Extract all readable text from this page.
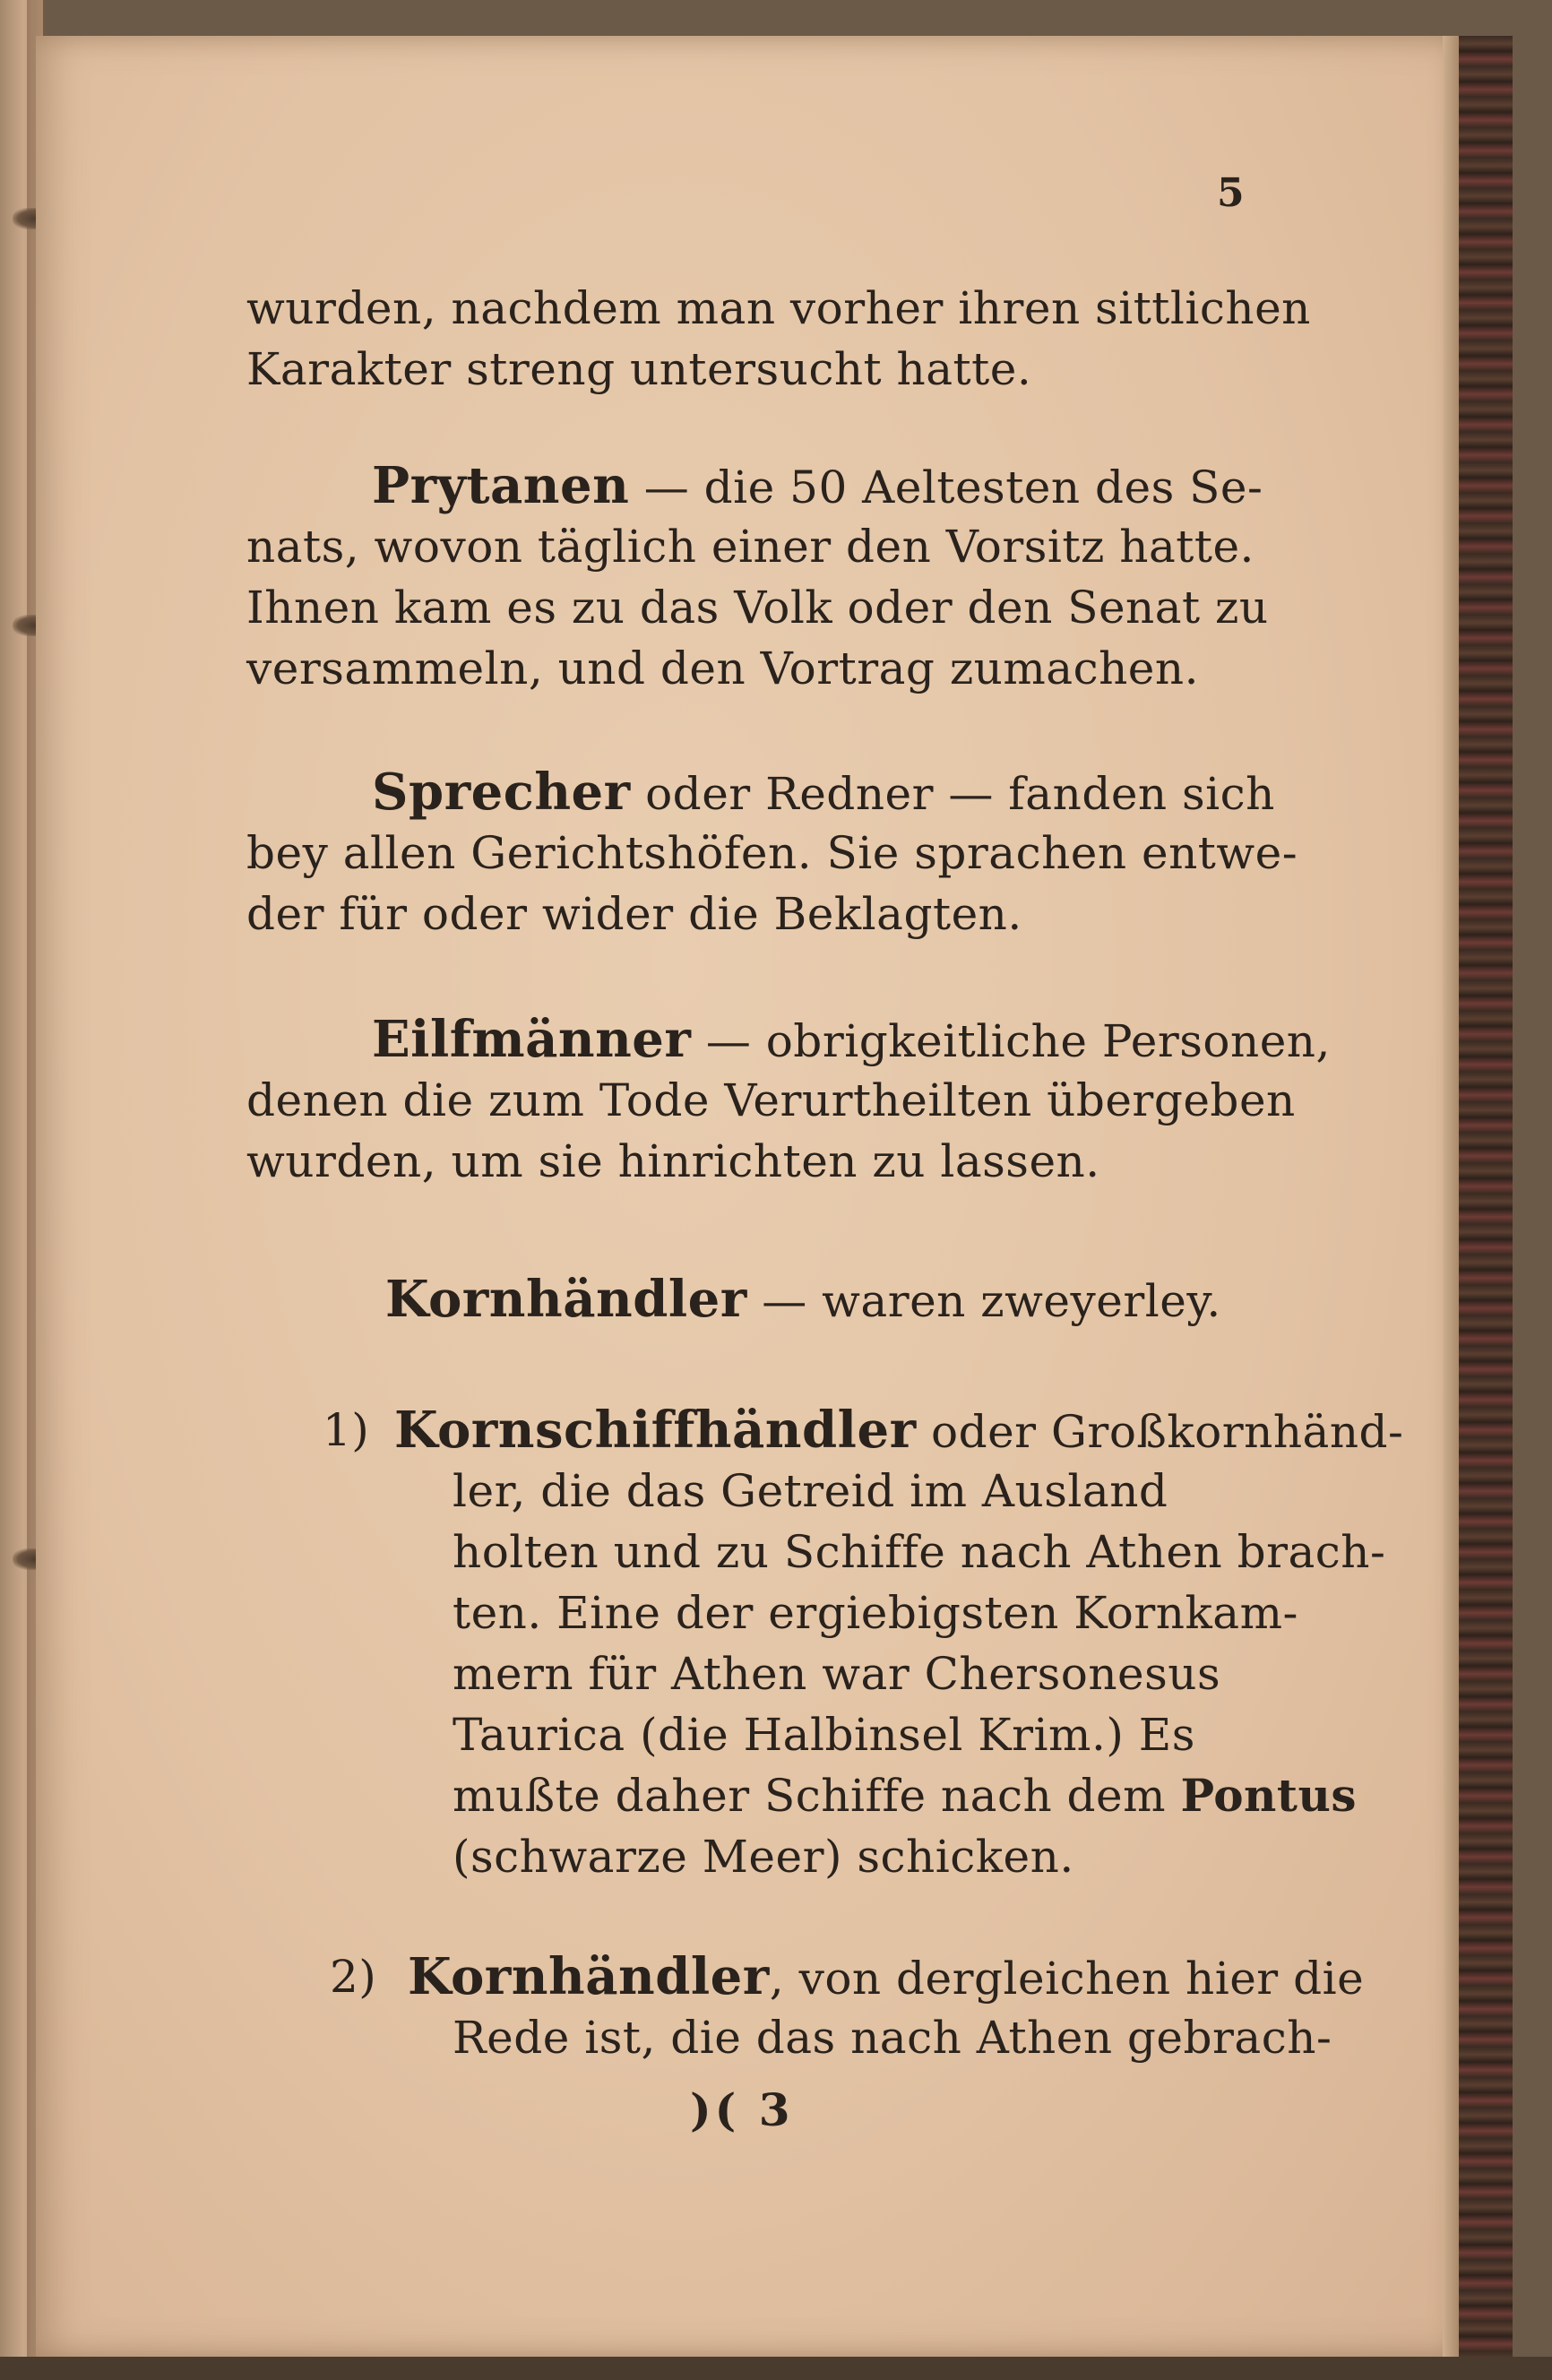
5
wurden, nachdem man vorher ihren sittlichen
Karakter streng untersucht hatte.
Prytanen — die 50 Aeltesten des Se-
nats, wovon täglich einer den Vorsitz hatte.
Ihnen kam es zu das Volk oder den Senat zu
versammeln, und den Vortrag zumachen.
Sprecher oder Redner — fanden sich
bey allen Gerichtshöfen. Sie sprachen entwe-
der für oder wider die Beklagten.
Eilfmänner — obrigkeitliche Personen,
denen die zum Tode Verurtheilten übergeben
wurden, um sie hinrichten zu lassen.
Kornhändler — waren zweyerley.
1) Kornschiffhändler oder Großkornhänd-
ler, die das Getreid im Ausland
holten und zu Schiffe nach Athen brach-
ten. Eine der ergiebigsten Kornkam-
mern für Athen war Chersonesus
Taurica (die Halbinsel Krim.) Es
mußte daher Schiffe nach dem Pontus
(schwarze Meer) schicken.
2) Kornhändler, von dergleichen hier die
Rede ist, die das nach Athen gebrach-
)( 3
